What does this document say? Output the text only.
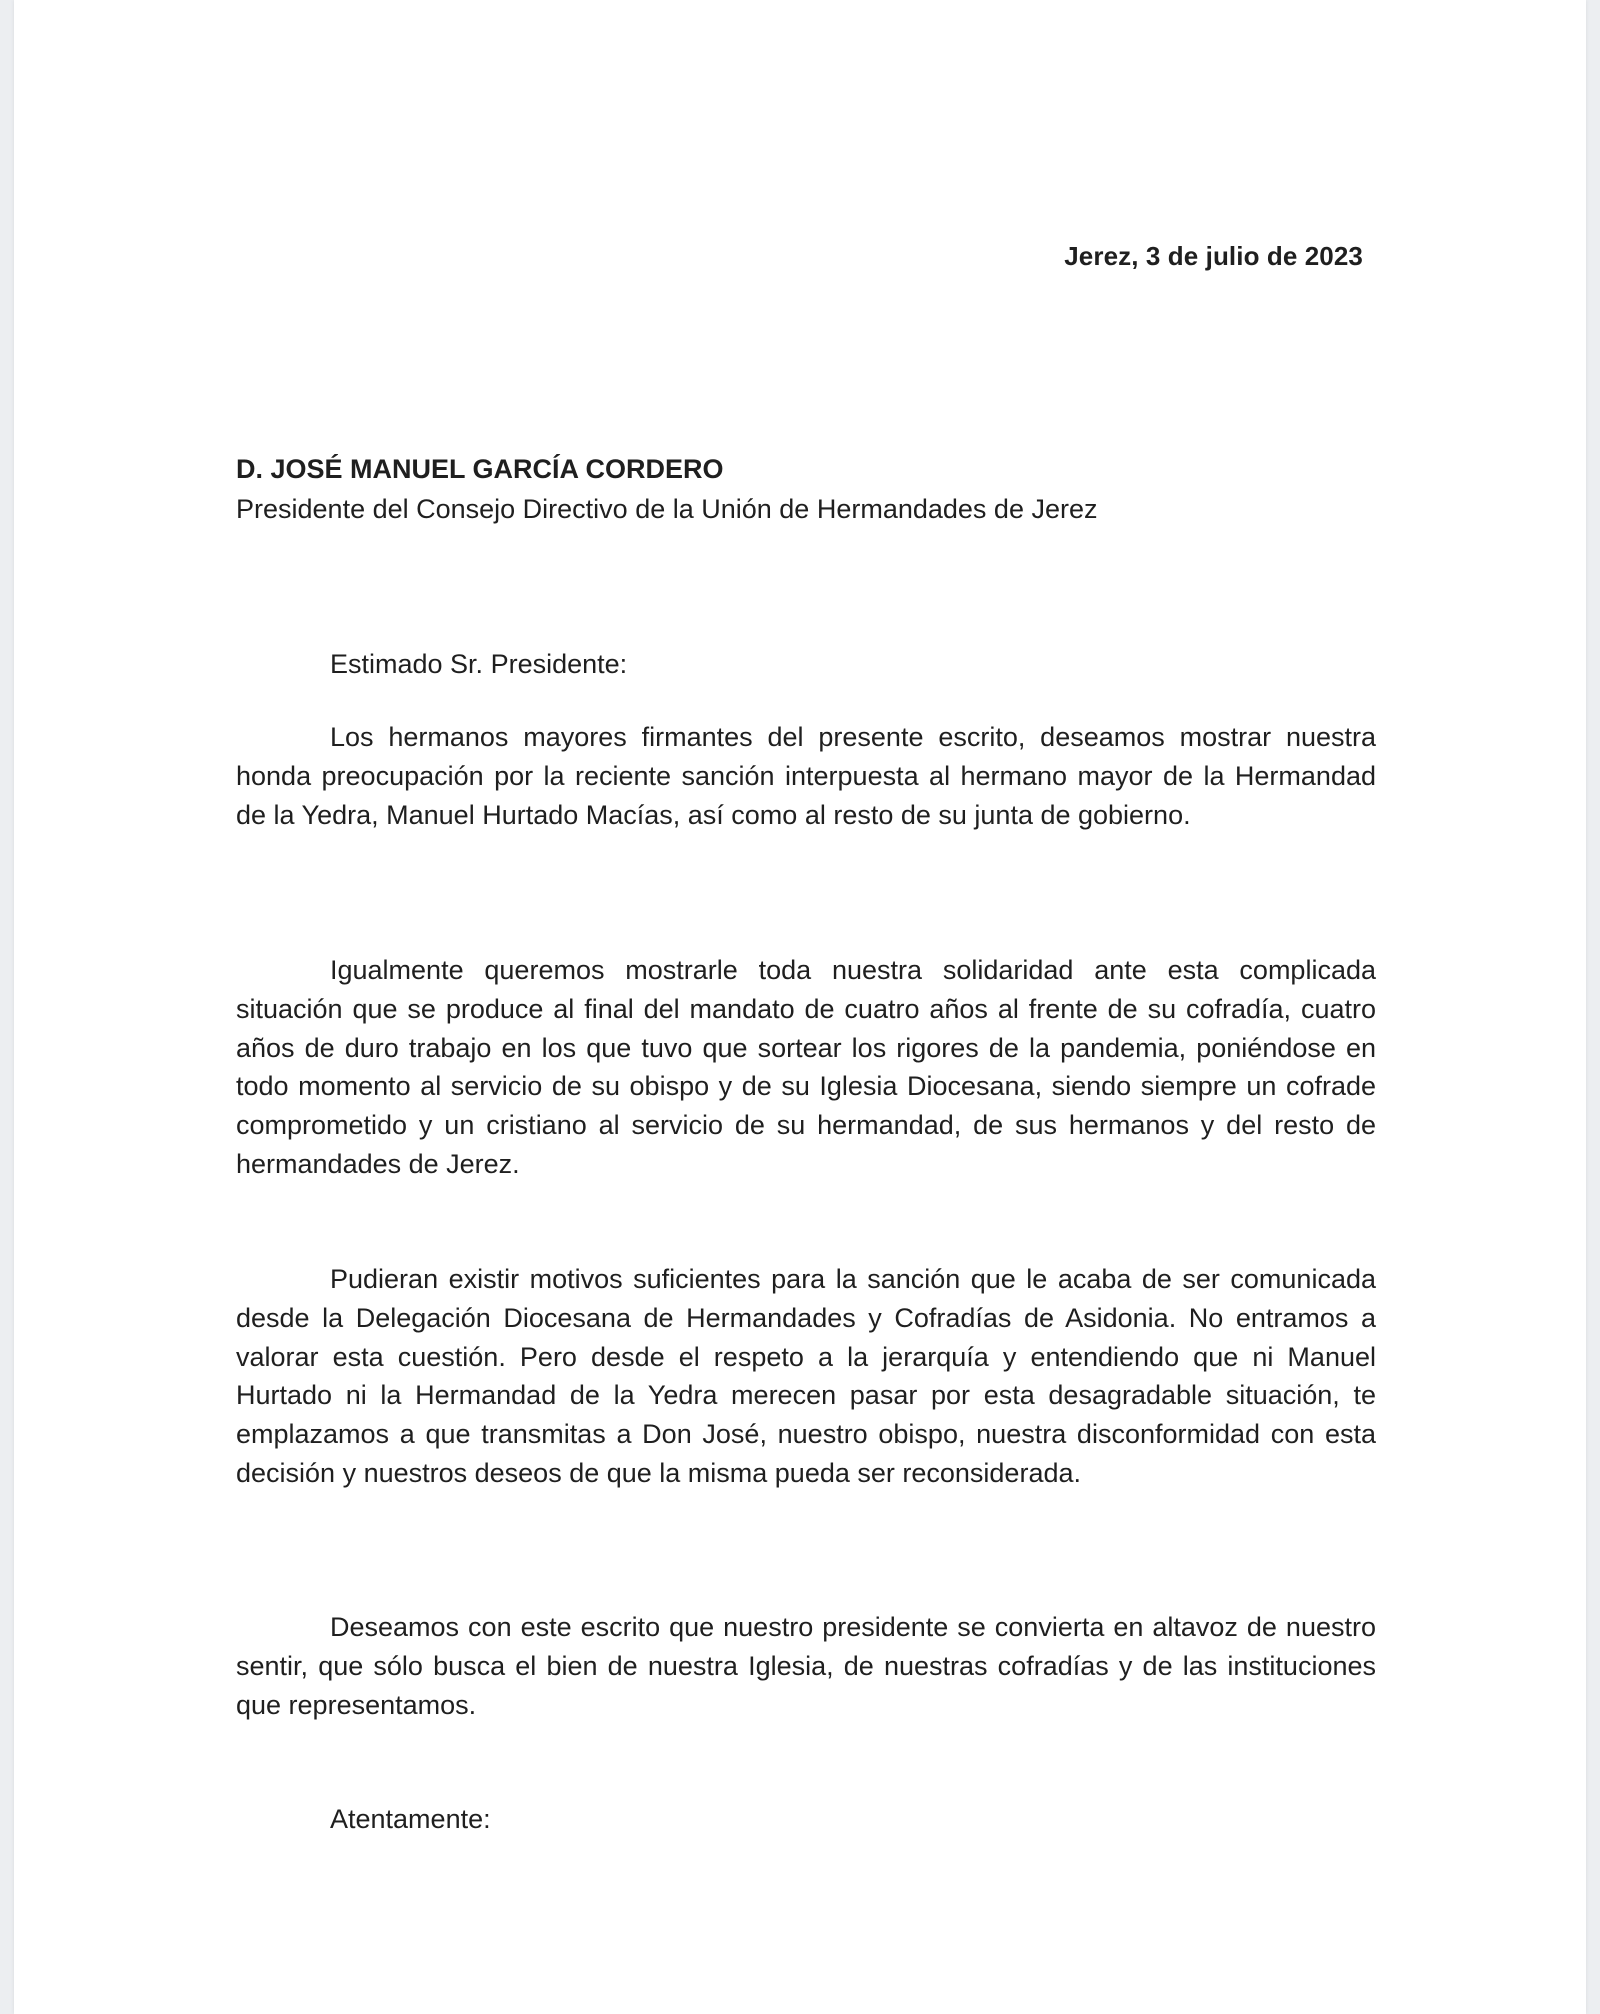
Jerez, 3 de julio de 2023
D. JOSÉ MANUEL GARCÍA CORDERO
Presidente del Consejo Directivo de la Unión de Hermandades de Jerez
Estimado Sr. Presidente:

Los hermanos mayores firmantes del presente escrito, deseamos mostrar nuestra honda preocupación por la reciente sanción interpuesta al hermano mayor de la Hermandad de la Yedra, Manuel Hurtado Macías, así como al resto de su junta de gobierno.

Igualmente queremos mostrarle toda nuestra solidaridad ante esta complicada situación que se produce al final del mandato de cuatro años al frente de su cofradía, cuatro años de duro trabajo en los que tuvo que sortear los rigores de la pandemia, poniéndose en todo momento al servicio de su obispo y de su Iglesia Diocesana, siendo siempre un cofrade comprometido y un cristiano al servicio de su hermandad, de sus hermanos y del resto de hermandades de Jerez.

Pudieran existir motivos suficientes para la sanción que le acaba de ser comunicada desde la Delegación Diocesana de Hermandades y Cofradías de Asidonia. No entramos a valorar esta cuestión. Pero desde el respeto a la jerarquía y entendiendo que ni Manuel Hurtado ni la Hermandad de la Yedra merecen pasar por esta desagradable situación, te emplazamos a que transmitas a Don José, nuestro obispo, nuestra disconformidad con esta decisión y nuestros deseos de que la misma pueda ser reconsiderada.

Deseamos con este escrito que nuestro presidente se convierta en altavoz de nuestro sentir, que sólo busca el bien de nuestra Iglesia, de nuestras cofradías y de las instituciones que representamos.

Atentamente:
